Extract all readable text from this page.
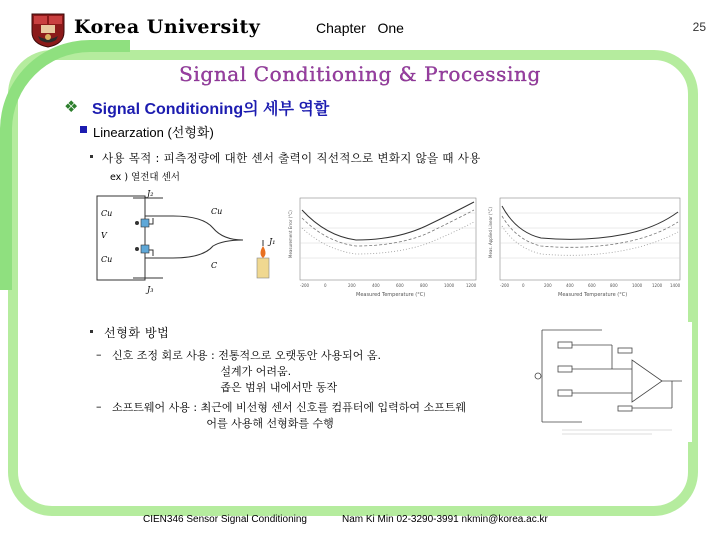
Korea University	Chapter   One	25
Signal Conditioning & Processing
❖ Signal Conditioning의 세부 역할
Linearzation (선형화)
사용 목적 : 피측정량에 대한 센서 출력이 직선적으로 변화지 않을 때 사용
ex ) 열전대 센서
J₂
Cu
V
Cu
Cu
C
J₁
J₃
Measurement Error (°C)
Measured Temperature (°C)
-200	0	200	400	600	800	1000	1200
Meas. Applied Linear (°C)
Measured Temperature (°C)
-200	0	200	400	600	800	1000 1200 1400
선형화 방법
– 신호 조정 회로 사용 : 전통적으로 오랫동안 사용되어 옴.
설계가 어려움.
좁은 범위 내에서만 동작
– 소프트웨어 사용 : 최근에 비선형 센서 신호를 컴퓨터에 입력하여 소프트웨
어를 사용해 선형화를 수행
CIEN346 Sensor Signal Conditioning	Nam Ki Min 02-3290-3991 nkmin@korea.ac.kr
